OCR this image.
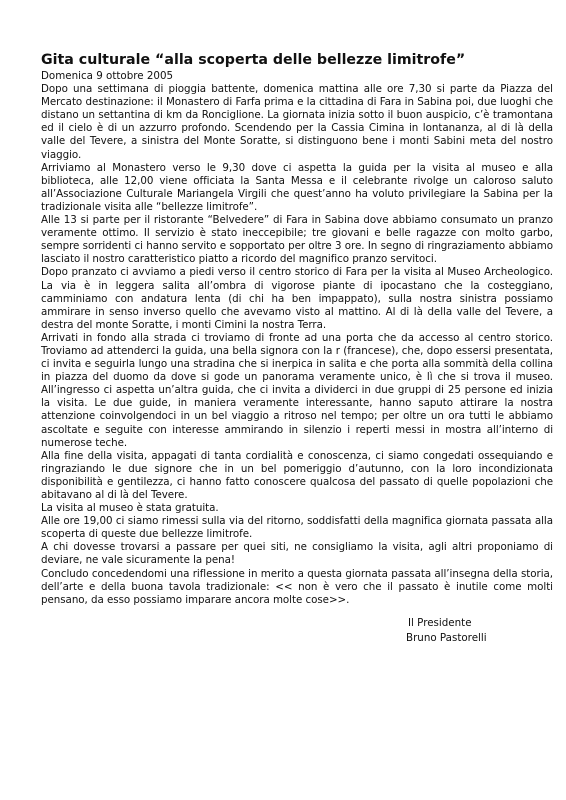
Gita culturale “alla scoperta delle bellezze limitrofe”
Domenica 9 ottobre 2005

Dopo una settimana di pioggia battente, domenica mattina alle ore 7,30 si parte da Piazza del Mercato destinazione: il Monastero di Farfa prima e la cittadina di Fara in Sabina poi, due luoghi che distano un settantina di km da Ronciglione. La giornata inizia sotto il buon auspicio, c’è tramontana ed il cielo è di un azzurro profondo. Scendendo per la Cassia Cimina in lontananza, al di là della valle del Tevere, a sinistra del Monte Soratte, si distinguono bene i monti Sabini meta del nostro viaggio.

Arriviamo al Monastero verso le 9,30 dove ci aspetta la guida per la visita al museo e alla biblioteca, alle 12,00 viene officiata la Santa Messa e il celebrante rivolge un caloroso saluto all’Associazione Culturale Mariangela Virgili che quest’anno ha voluto privilegiare la Sabina per la tradizionale visita alle “bellezze limitrofe”.

Alle 13 si parte per il ristorante “Belvedere” di Fara in Sabina dove abbiamo consumato un pranzo veramente ottimo. Il servizio è stato ineccepibile; tre giovani e belle ragazze con molto garbo, sempre sorridenti ci hanno servito e sopportato per oltre 3 ore. In segno di ringraziamento abbiamo lasciato il nostro caratteristico piatto a ricordo del magnifico pranzo servitoci.

Dopo pranzato ci avviamo a piedi verso il centro storico di Fara per la visita al Museo Archeologico. La via è in leggera salita all’ombra di vigorose piante di ipocastano che la costeggiano, camminiamo con andatura lenta (di chi ha ben impappato), sulla nostra sinistra possiamo ammirare in senso inverso quello che avevamo visto al mattino. Al di là della valle del Tevere, a destra del monte Soratte, i monti Cimini la nostra Terra.

Arrivati in fondo alla strada ci troviamo di fronte ad una porta che da accesso al centro storico. Troviamo ad attenderci la guida, una bella signora con la r (francese), che, dopo essersi presentata, ci invita e seguirla lungo una stradina che si inerpica in salita e che porta alla sommità della collina in piazza del duomo da dove si gode un panorama veramente unico, è lì che si trova il museo. All’ingresso ci aspetta un’altra guida, che ci invita a dividerci in due gruppi di 25 persone ed inizia la visita. Le due guide, in maniera veramente interessante, hanno saputo attirare la nostra attenzione coinvolgendoci in un bel viaggio a ritroso nel tempo; per oltre un ora tutti le abbiamo ascoltate e seguite con interesse ammirando in silenzio i reperti messi in mostra all’interno di numerose teche.

Alla fine della visita, appagati di tanta cordialità e conoscenza, ci siamo congedati ossequiando e ringraziando le due signore che in un bel pomeriggio d’autunno, con la loro incondizionata disponibilità e gentilezza, ci hanno fatto conoscere qualcosa del passato di quelle popolazioni che abitavano al di là del Tevere.

La visita al museo è stata gratuita.

Alle ore 19,00 ci siamo rimessi sulla via del ritorno, soddisfatti della magnifica giornata passata alla scoperta di queste due bellezze limitrofe.

A chi dovesse trovarsi a passare per quei siti, ne consigliamo la visita, agli altri proponiamo di deviare, ne vale sicuramente la pena!

Concludo concedendomi una riflessione in merito a questa giornata passata all’insegna della storia, dell’arte e della buona tavola tradizionale: << non è vero che il passato è inutile come molti pensano, da esso possiamo imparare ancora molte cose>>.

Il Presidente
Bruno Pastorelli
